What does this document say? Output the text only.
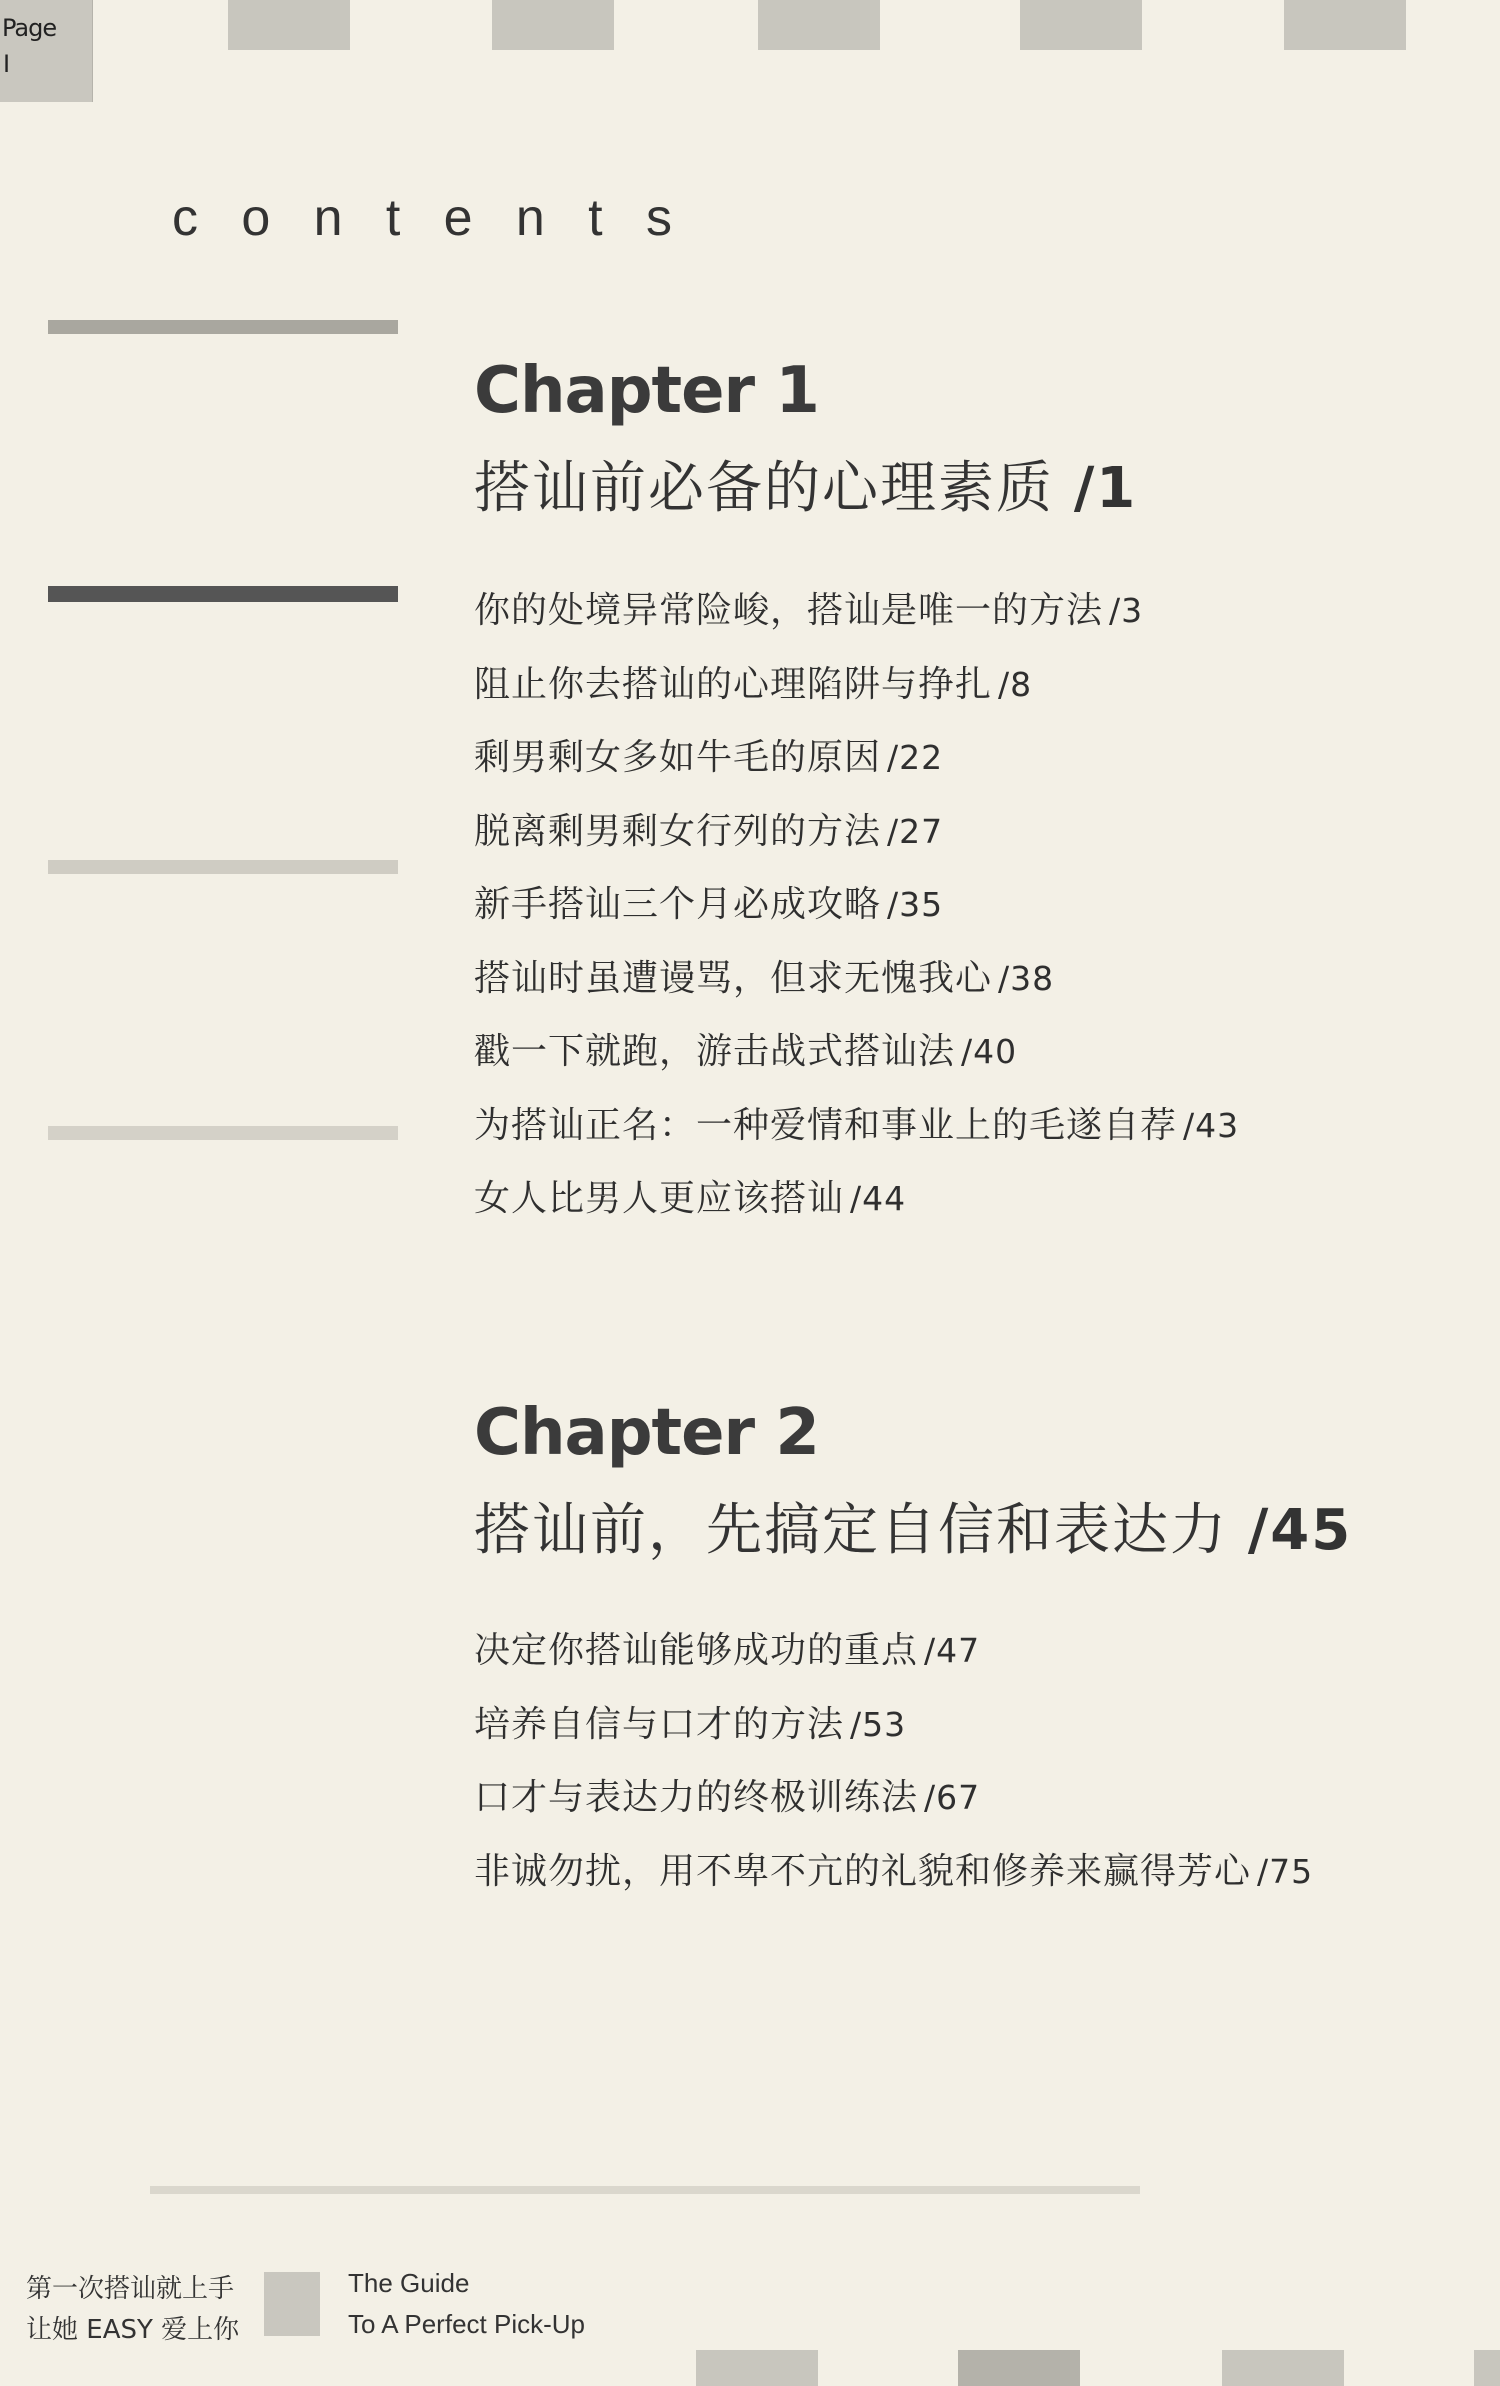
Page
I
c   o   n   t   e   n   t   s
Chapter 1
搭讪前必备的心理素质 /1
你的处境异常险峻，搭讪是唯一的方法 /3
阻止你去搭讪的心理陷阱与挣扎 /8
剩男剩女多如牛毛的原因 /22
脱离剩男剩女行列的方法 /27
新手搭讪三个月必成攻略 /35
搭讪时虽遭谩骂，但求无愧我心 /38
戳一下就跑，游击战式搭讪法 /40
为搭讪正名：一种爱情和事业上的毛遂自荐 /43
女人比男人更应该搭讪 /44
Chapter 2
搭讪前，先搞定自信和表达力 /45
决定你搭讪能够成功的重点 /47
培养自信与口才的方法 /53
口才与表达力的终极训练法 /67
非诚勿扰，用不卑不亢的礼貌和修养来赢得芳心 /75
第一次搭讪就上手
让她 EASY 爱上你
The Guide
To A Perfect Pick-Up
